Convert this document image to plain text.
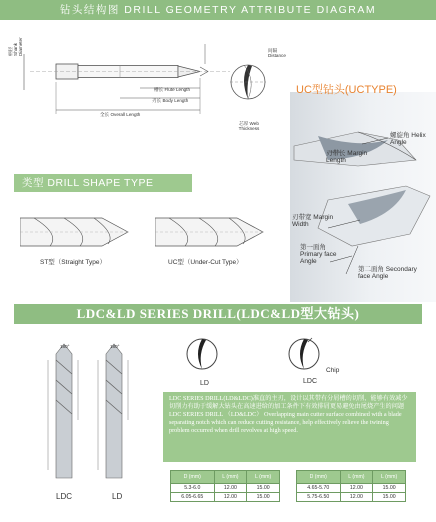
钻头结构图 DRILL GEOMETRY ATTRIBUTE DIAGRAM
柄径 Shank Diameter
槽长 Flute Length
刃长 Body Length
全长 Overall Length
间隔 Distance
芯厚 Web Thickness
UC型钻头(UCTYPE)
螺旋角 Helix Angle
刃带长 Margin Length
刃带宽 Margin Width
第一面角 Primary face Angle
第二面角 Secondary face Angle
类型 DRILL SHAPE TYPE
ST型（Straight Type）	UC型（Under-Cut Type）
LDC&LD SERIES DRILL(LDC&LD型大钻头)
180°	180°
LDC	LD
LD	LDC
Chip
LDC SERIES DRILL(LD&LDC)准直的主刃，设计以其带有分屑槽的切削，能够有效减少切削力有助于缓解大钻头在高速进给的加工条件下有效排屑更易避免由尾烧产生的问题
LDC SERIES DRILL （LD&LDC） Overlapping main cutter surface combined with a blade separating notch which can reduce cutting resistance, help effectively relieve the twining problem occurred when drill revolves at high speed.
D (mm)	L (mm)	L (mm)
5.3-6.0	12.00	15.00
6.05-6.65	12.00	15.00
D (mm)	L (mm)	L (mm)
4.65-5.70	12.00	15.00
5.75-6.50	12.00	15.00
